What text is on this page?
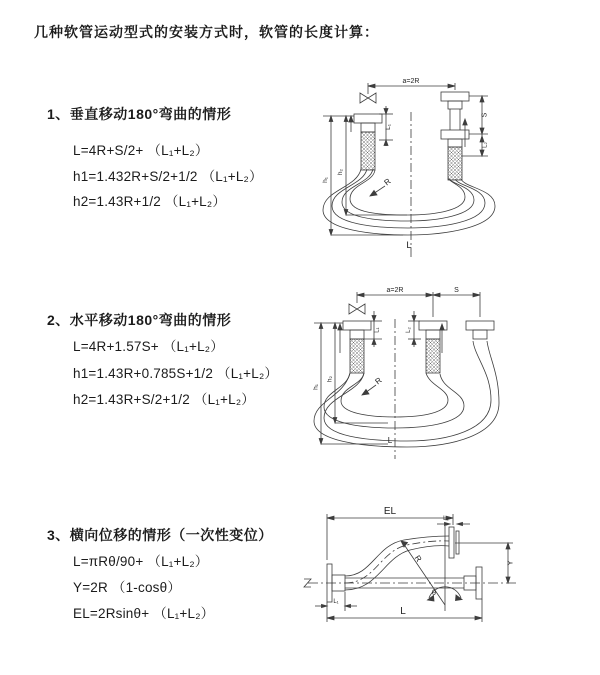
几种软管运动型式的安装方式时，软管的长度计算：
1、垂直移动180°弯曲的情形
L=4R+S/2+ （L₁+L₂）
h1=1.432R+S/2+1/2 （L₁+L₂）
h2=1.43R+1/2 （L₁+L₂）
2、水平移动180°弯曲的情形
L=4R+1.57S+ （L₁+L₂）
h1=1.43R+0.785S+1/2 （L₁+L₂）
h2=1.43R+S/2+1/2 （L₁+L₂）
3、横向位移的情形（一次性变位）
L=πRθ/90+ （L₁+L₂）
Y=2R （1-cosθ）
EL=2Rsinθ+ （L₁+L₂）
a=2R
L₁
S
L₂
h₂
h₁	R
L
a=2R	S
L₁	L₂
h₂
h₁
R
L
EL
L₂
Y
R
θ
L₁
L
